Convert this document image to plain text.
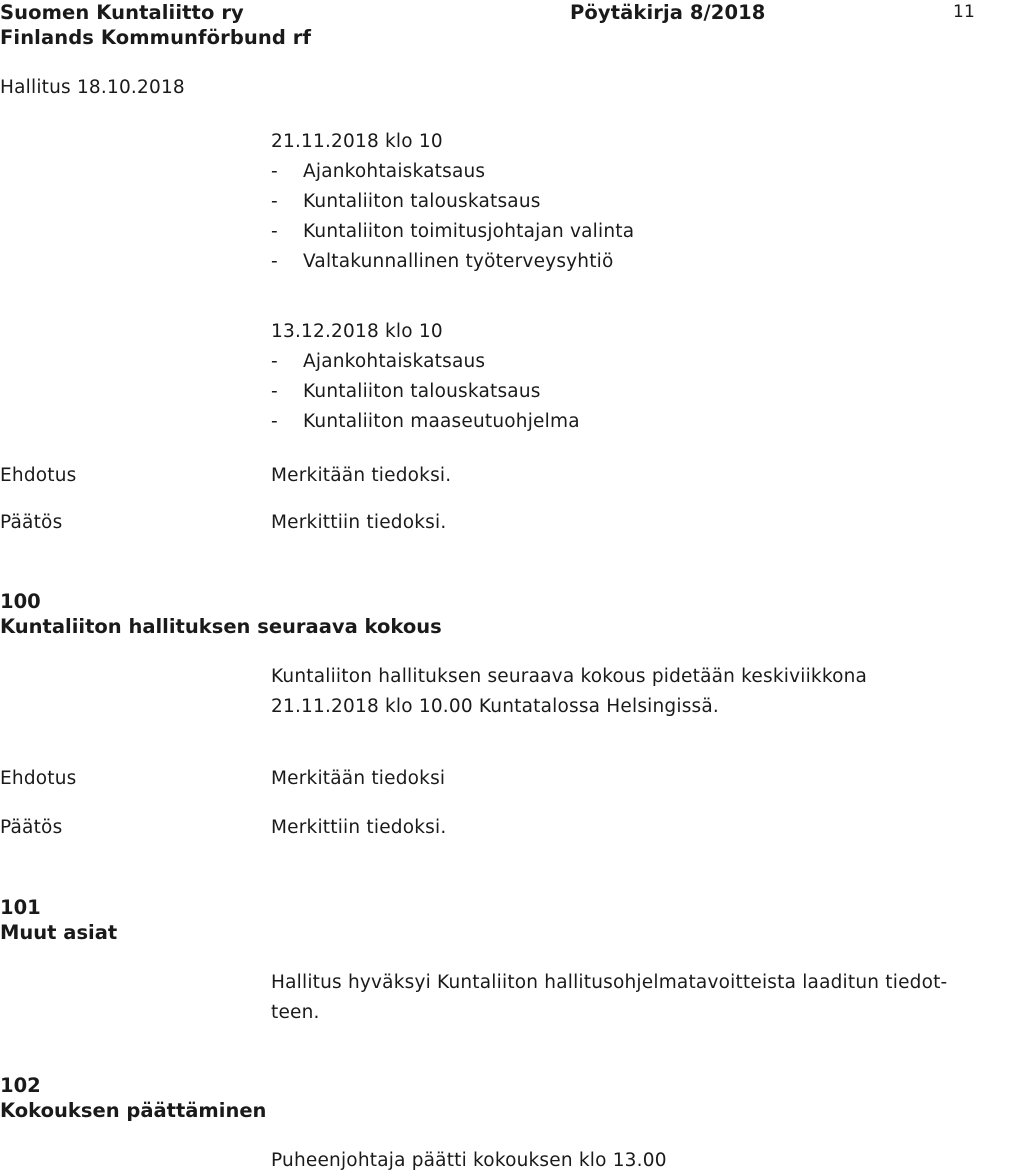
Suomen Kuntaliitto ry
Finlands Kommunförbund rf
Pöytäkirja 8/2018	11
Hallitus 18.10.2018
21.11.2018 klo 10
- Ajankohtaiskatsaus
- Kuntaliiton talouskatsaus
- Kuntaliiton toimitusjohtajan valinta
- Valtakunnallinen työterveysyhtiö
13.12.2018 klo 10
- Ajankohtaiskatsaus
- Kuntaliiton talouskatsaus
- Kuntaliiton maaseutuohjelma
Ehdotus	Merkitään tiedoksi.
Päätös	Merkittiin tiedoksi.
100
Kuntaliiton hallituksen seuraava kokous
Kuntaliiton hallituksen seuraava kokous pidetään keskiviikkona
21.11.2018 klo 10.00 Kuntatalossa Helsingissä.
Ehdotus	Merkitään tiedoksi
Päätös	Merkittiin tiedoksi.
101
Muut asiat
Hallitus hyväksyi Kuntaliiton hallitusohjelmatavoitteista laaditun tiedot-
teen.
102
Kokouksen päättäminen
Puheenjohtaja päätti kokouksen klo 13.00
